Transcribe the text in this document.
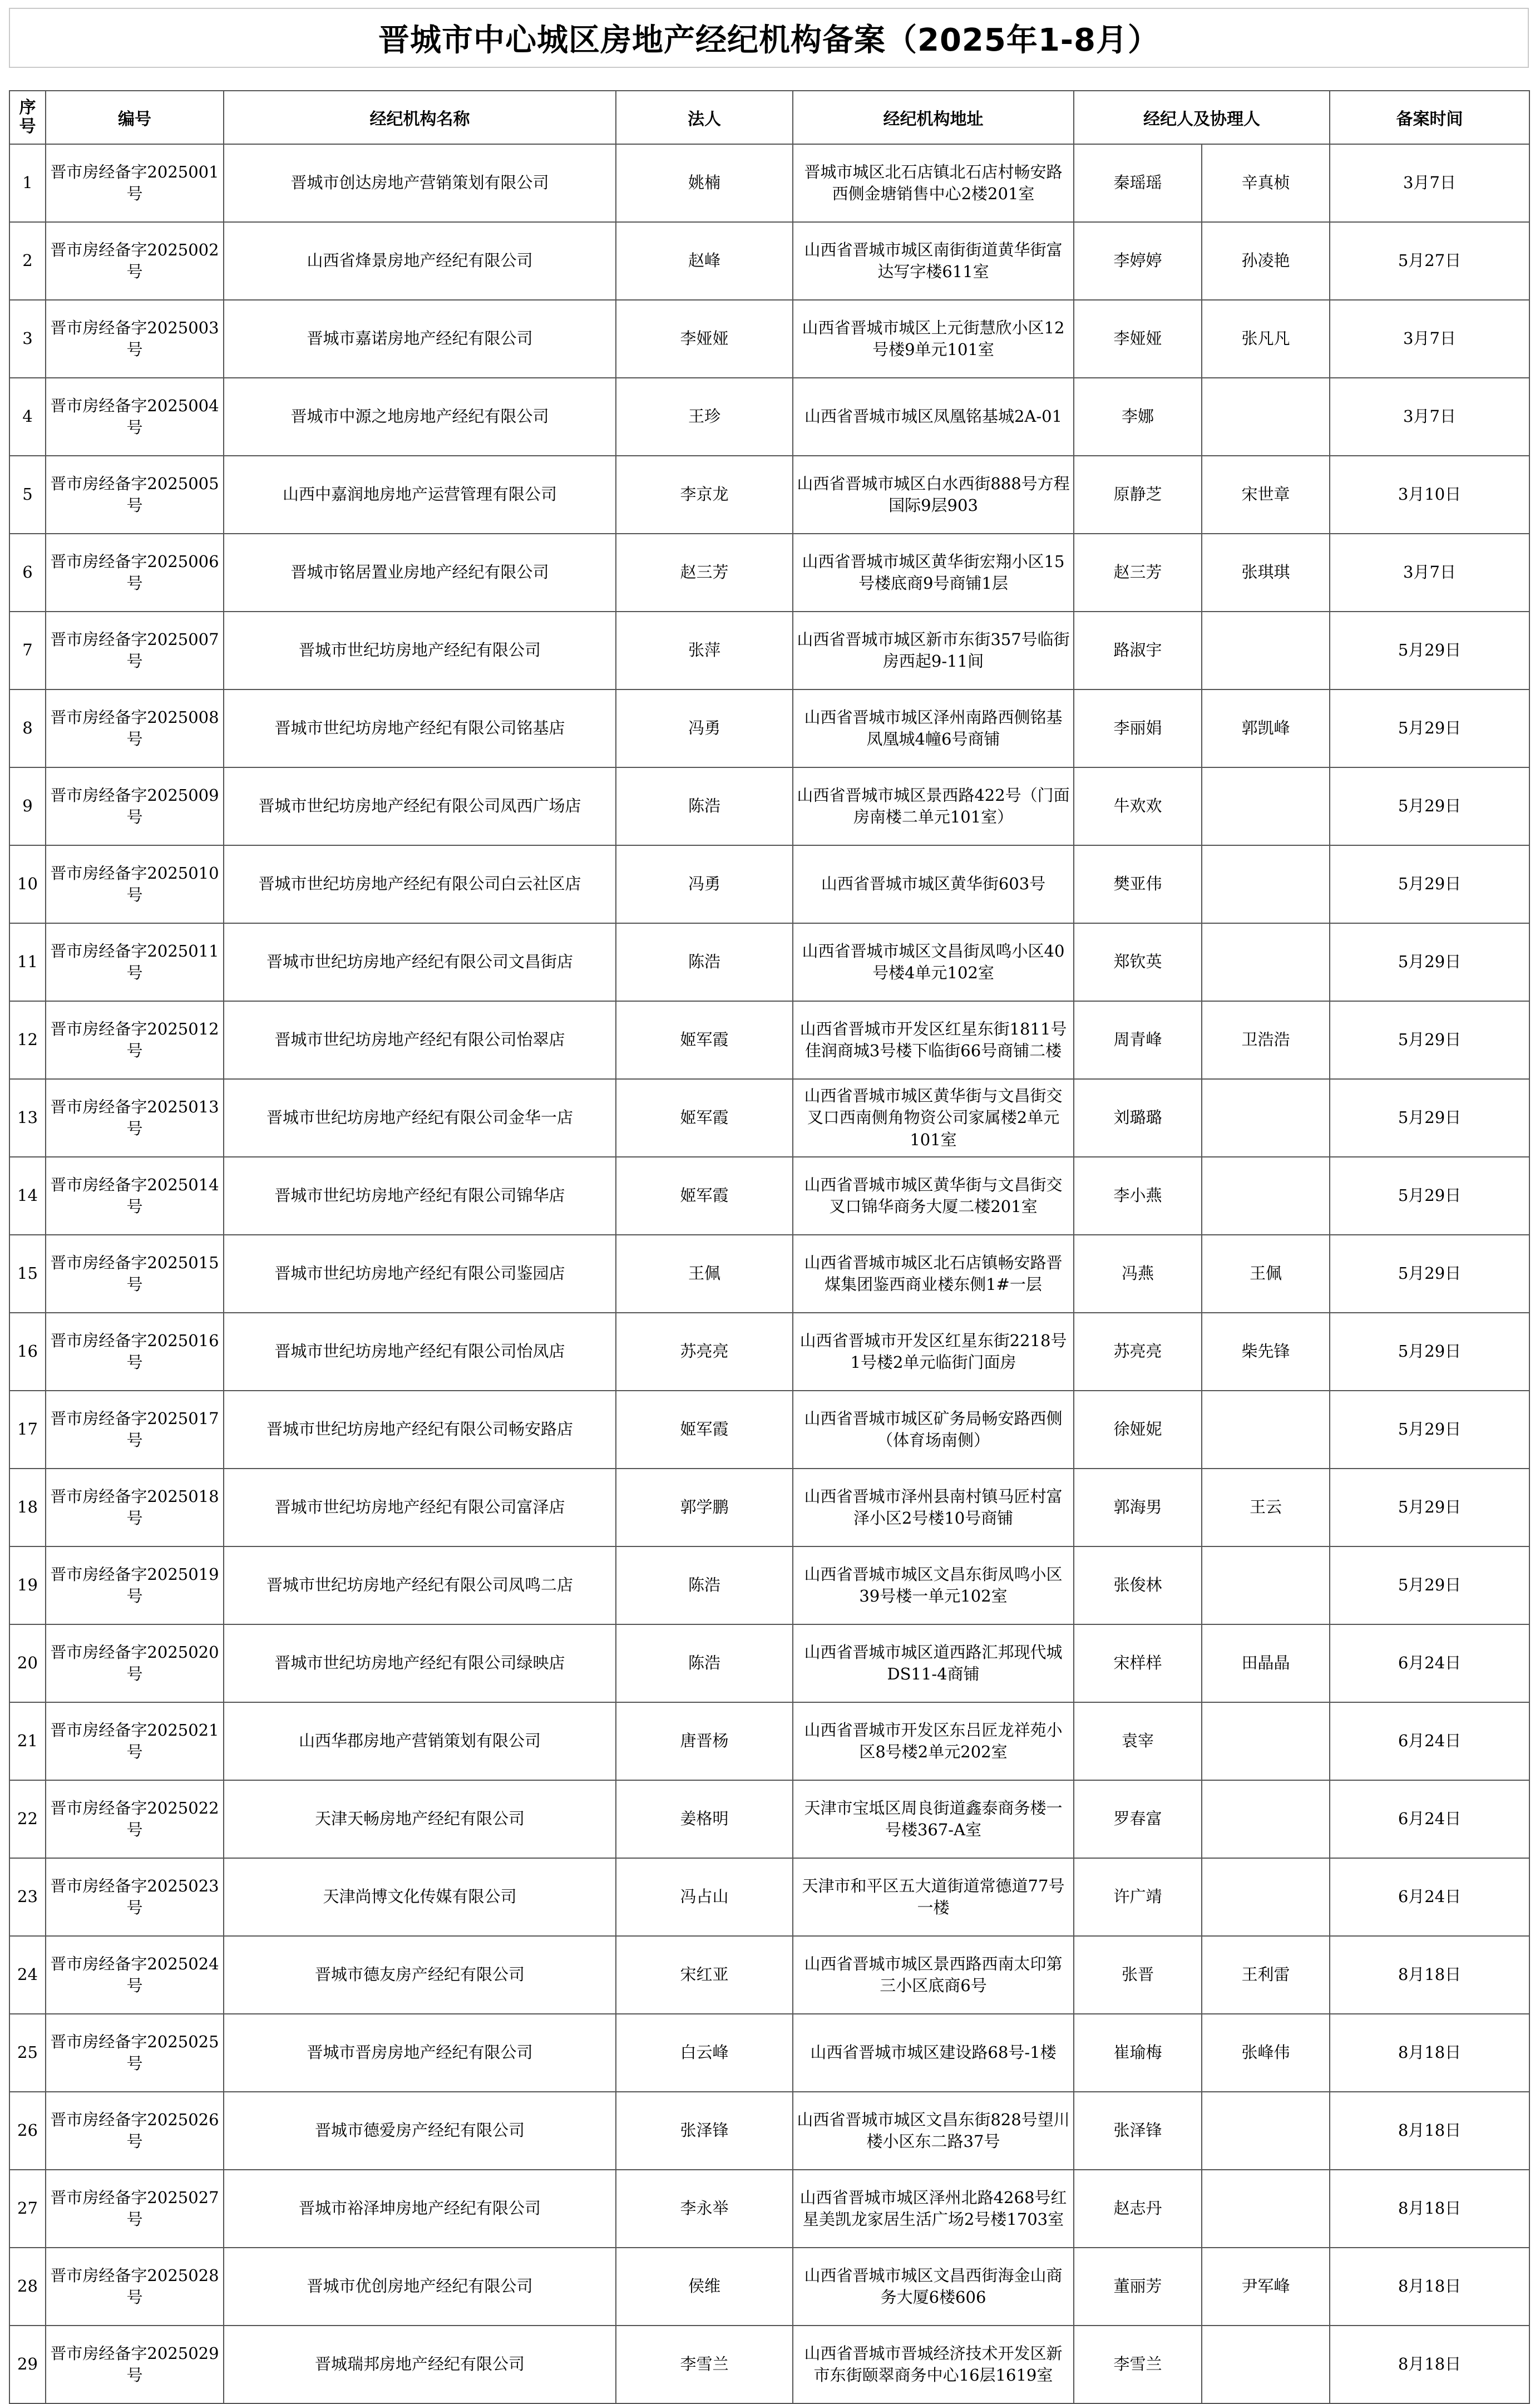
晋城市中心城区房地产经纪机构备案（2025年1-8月）
序号	编号	经纪机构名称	法人	经纪机构地址	经纪人及协理人		备案时间
1	晋市房经备字2025001号	晋城市创达房地产营销策划有限公司	姚楠	晋城市城区北石店镇北石店村畅安路西侧金塘销售中心2楼201室	秦瑶瑶	辛真桢	3月7日
2	晋市房经备字2025002号	山西省烽景房地产经纪有限公司	赵峰	山西省晋城市城区南街街道黄华街富达写字楼611室	李婷婷	孙凌艳	5月27日
3	晋市房经备字2025003号	晋城市嘉诺房地产经纪有限公司	李娅娅	山西省晋城市城区上元街慧欣小区12号楼9单元101室	李娅娅	张凡凡	3月7日
4	晋市房经备字2025004号	晋城市中源之地房地产经纪有限公司	王珍	山西省晋城市城区凤凰铭基城2A-01	李娜		3月7日
5	晋市房经备字2025005号	山西中嘉润地房地产运营管理有限公司	李京龙	山西省晋城市城区白水西街888号方程国际9层903	原静芝	宋世章	3月10日
6	晋市房经备字2025006号	晋城市铭居置业房地产经纪有限公司	赵三芳	山西省晋城市城区黄华街宏翔小区15号楼底商9号商铺1层	赵三芳	张琪琪	3月7日
7	晋市房经备字2025007号	晋城市世纪坊房地产经纪有限公司	张萍	山西省晋城市城区新市东街357号临街房西起9-11间	路淑宇		5月29日
8	晋市房经备字2025008号	晋城市世纪坊房地产经纪有限公司铭基店	冯勇	山西省晋城市城区泽州南路西侧铭基凤凰城4幢6号商铺	李丽娟	郭凯峰	5月29日
9	晋市房经备字2025009号	晋城市世纪坊房地产经纪有限公司凤西广场店	陈浩	山西省晋城市城区景西路422号（门面房南楼二单元101室）	牛欢欢		5月29日
10	晋市房经备字2025010号	晋城市世纪坊房地产经纪有限公司白云社区店	冯勇	山西省晋城市城区黄华街603号	樊亚伟		5月29日
11	晋市房经备字2025011号	晋城市世纪坊房地产经纪有限公司文昌街店	陈浩	山西省晋城市城区文昌街凤鸣小区40号楼4单元102室	郑钦英		5月29日
12	晋市房经备字2025012号	晋城市世纪坊房地产经纪有限公司怡翠店	姬军霞	山西省晋城市开发区红星东街1811号佳润商城3号楼下临街66号商铺二楼	周青峰	卫浩浩	5月29日
13	晋市房经备字2025013号	晋城市世纪坊房地产经纪有限公司金华一店	姬军霞	山西省晋城市城区黄华街与文昌街交叉口西南侧角物资公司家属楼2单元101室	刘璐璐		5月29日
14	晋市房经备字2025014号	晋城市世纪坊房地产经纪有限公司锦华店	姬军霞	山西省晋城市城区黄华街与文昌街交叉口锦华商务大厦二楼201室	李小燕		5月29日
15	晋市房经备字2025015号	晋城市世纪坊房地产经纪有限公司鉴园店	王佩	山西省晋城市城区北石店镇畅安路晋煤集团鉴西商业楼东侧1#一层	冯燕	王佩	5月29日
16	晋市房经备字2025016号	晋城市世纪坊房地产经纪有限公司怡凤店	苏亮亮	山西省晋城市开发区红星东街2218号1号楼2单元临街门面房	苏亮亮	柴先锋	5月29日
17	晋市房经备字2025017号	晋城市世纪坊房地产经纪有限公司畅安路店	姬军霞	山西省晋城市城区矿务局畅安路西侧（体育场南侧）	徐娅妮		5月29日
18	晋市房经备字2025018号	晋城市世纪坊房地产经纪有限公司富泽店	郭学鹏	山西省晋城市泽州县南村镇马匠村富泽小区2号楼10号商铺	郭海男	王云	5月29日
19	晋市房经备字2025019号	晋城市世纪坊房地产经纪有限公司凤鸣二店	陈浩	山西省晋城市城区文昌东街凤鸣小区39号楼一单元102室	张俊林		5月29日
20	晋市房经备字2025020号	晋城市世纪坊房地产经纪有限公司绿映店	陈浩	山西省晋城市城区道西路汇邦现代城DS11-4商铺	宋样样	田晶晶	6月24日
21	晋市房经备字2025021号	山西华郡房地产营销策划有限公司	唐晋杨	山西省晋城市开发区东吕匠龙祥苑小区8号楼2单元202室	袁宰		6月24日
22	晋市房经备字2025022号	天津天畅房地产经纪有限公司	姜格明	天津市宝坻区周良街道鑫泰商务楼一号楼367-A室	罗春富		6月24日
23	晋市房经备字2025023号	天津尚博文化传媒有限公司	冯占山	天津市和平区五大道街道常德道77号一楼	许广靖		6月24日
24	晋市房经备字2025024号	晋城市德友房产经纪有限公司	宋红亚	山西省晋城市城区景西路西南太印第三小区底商6号	张晋	王利雷	8月18日
25	晋市房经备字2025025号	晋城市晋房房地产经纪有限公司	白云峰	山西省晋城市城区建设路68号-1楼	崔瑜梅	张峰伟	8月18日
26	晋市房经备字2025026号	晋城市德爱房产经纪有限公司	张泽锋	山西省晋城市城区文昌东街828号望川楼小区东二路37号	张泽锋		8月18日
27	晋市房经备字2025027号	晋城市裕泽坤房地产经纪有限公司	李永举	山西省晋城市城区泽州北路4268号红星美凯龙家居生活广场2号楼1703室	赵志丹		8月18日
28	晋市房经备字2025028号	晋城市优创房地产经纪有限公司	侯维	山西省晋城市城区文昌西街海金山商务大厦6楼606	董丽芳	尹军峰	8月18日
29	晋市房经备字2025029号	晋城瑞邦房地产经纪有限公司	李雪兰	山西省晋城市晋城经济技术开发区新市东街颐翠商务中心16层1619室	李雪兰		8月18日
